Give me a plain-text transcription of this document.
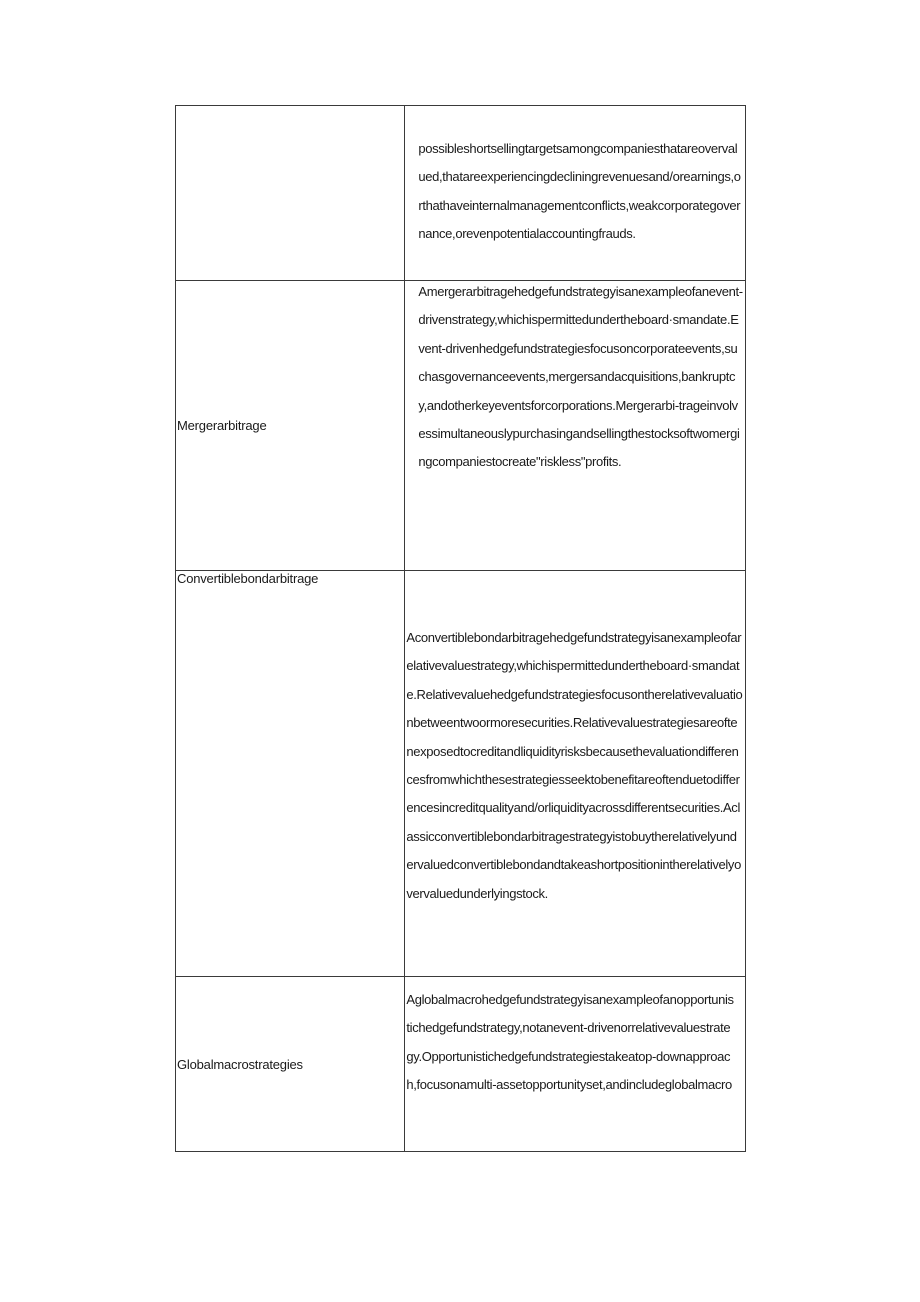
	possibleshortsellingtargetsamongcompaniesthatareovervalued,thatareexperiencingdecliningrevenuesand/orearnings,orthathaveinternalmanagementconflicts,weakcorporategovernance,orevenpotentialaccountingfrauds.

Mergerarbitrage	Amergerarbitragehedgefundstrategyisanexampleofanevent-drivenstrategy,whichispermittedundertheboard·smandate.Event-drivenhedgefundstrategiesfocusoncorporateevents,suchasgovernanceevents,mergersandacquisitions,bankruptcy,andotherkeyeventsforcorporations.Mergerarbi-trageinvolvessimultaneouslypurchasingandsellingthestocksoftwomergingcompaniestocreate"riskless"profits.

Convertiblebondarbitrage	Aconvertiblebondarbitragehedgefundstrategyisanexampleofarelativevaluestrategy,whichispermittedundertheboard·smandate.Relativevaluehedgefundstrategiesfocusontherelativevaluationbetweentwoormoresecurities.Relativevaluestrategiesareoftenexposedtocreditandliquidityrisksbecausethevaluationdifferencesfromwhichthesestrategiesseektobenefitareoftenduetodifferencesincreditqualityand/orliquidityacrossdifferentsecurities.Aclassicconvertiblebondarbitragestrategyistobuytherelativelyundervaluedconvertiblebondandtakeashortpositionintherelativelyovervaluedunderlyingstock.

Globalmacrostrategies	Aglobalmacrohedgefundstrategyisanexampleofanopportunistichedgefundstrategy,notanevent-drivenorrelativevaluestrategy.Opportunistichedgefundstrategiestakeatop-downapproach,focusonamulti-assetopportunityset,andincludeglobalmacro
